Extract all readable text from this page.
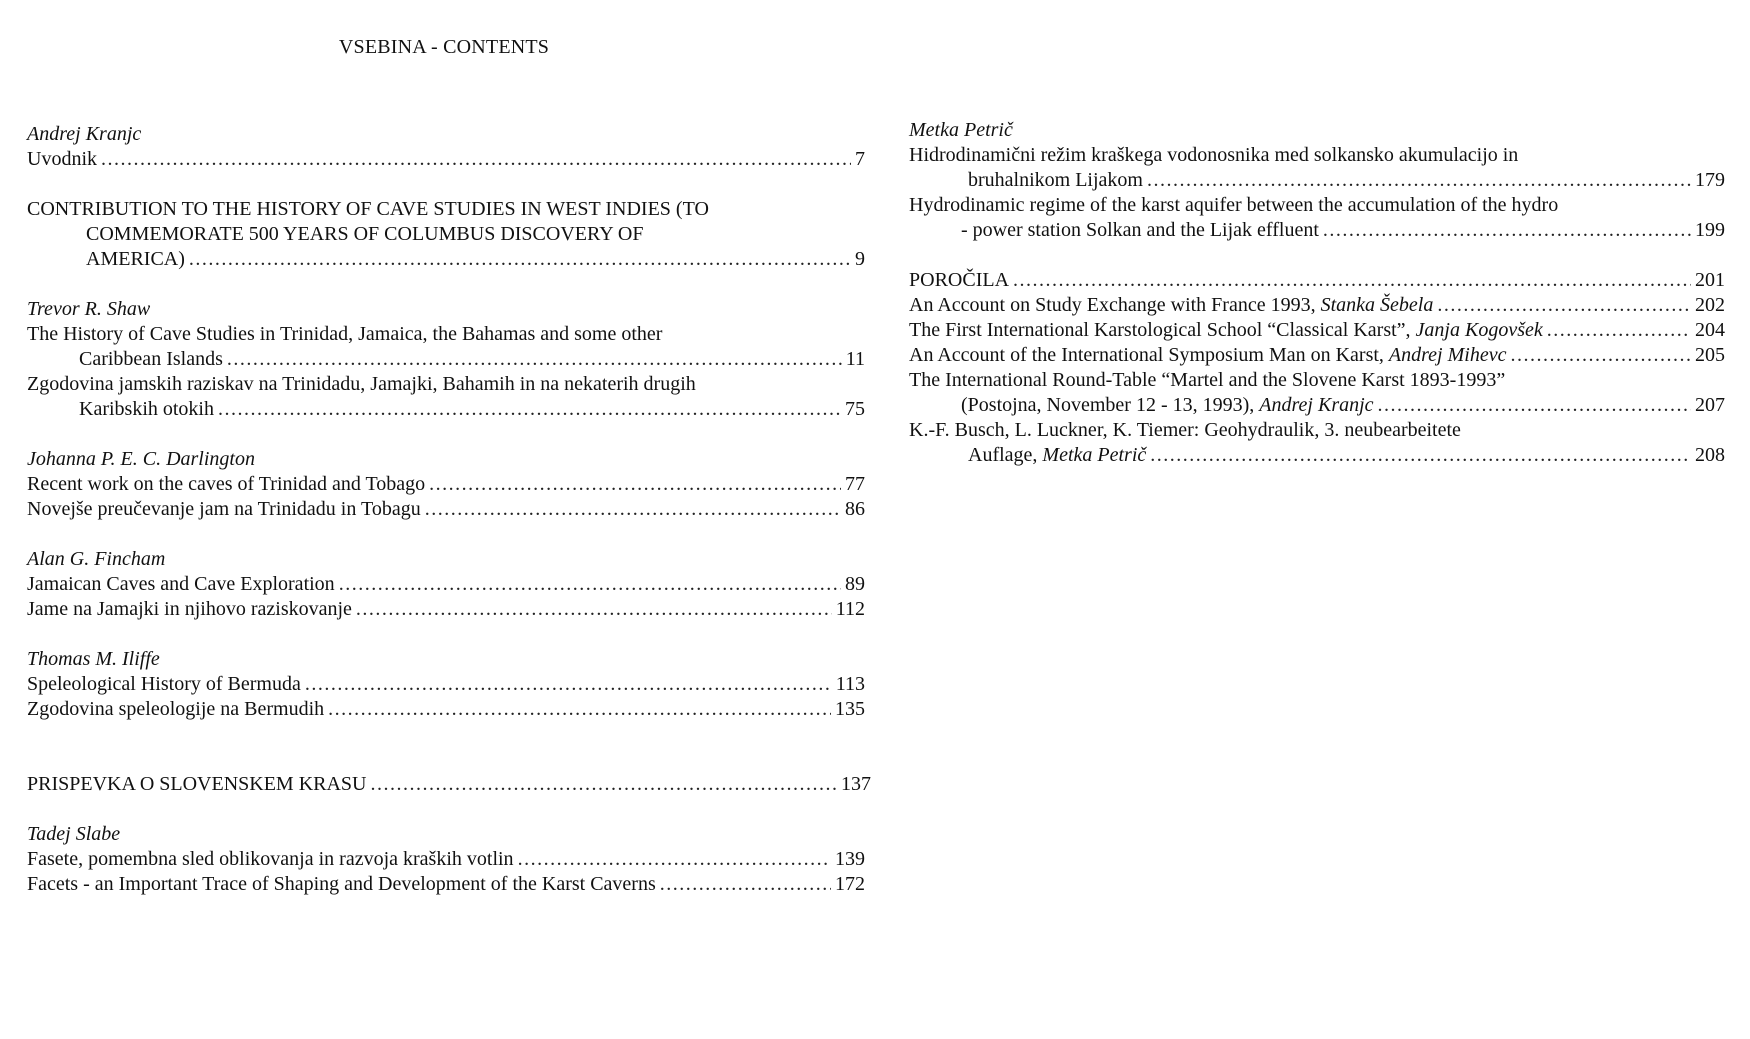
VSEBINA - CONTENTS
Andrej Kranjc
Uvodnik .....	7
CONTRIBUTION TO THE HISTORY OF CAVE STUDIES IN WEST INDIES (TO
COMMEMORATE 500 YEARS OF COLUMBUS DISCOVERY OF
AMERICA) .....	9
Trevor R. Shaw
The History of Cave Studies in Trinidad, Jamaica, the Bahamas and some other
Caribbean Islands .....	11
Zgodovina jamskih raziskav na Trinidadu, Jamajki, Bahamih in na nekaterih drugih
Karibskih otokih .....	75
Johanna P. E. C. Darlington
Recent work on the caves of Trinidad and Tobago .....	77
Novejše preučevanje jam na Trinidadu in Tobagu .....	86
Alan G. Fincham
Jamaican Caves and Cave Exploration .....	89
Jame na Jamajki in njihovo raziskovanje .....	112
Thomas M. Iliffe
Speleological History of Bermuda .....	113
Zgodovina speleologije na Bermudih .....	135
PRISPEVKA O SLOVENSKEM KRASU .....	137
Tadej Slabe
Fasete, pomembna sled oblikovanja in razvoja kraških votlin .....	139
Facets - an Important Trace of Shaping and Development of the Karst Caverns .....	172
Metka Petrič
Hidrodinamični režim kraškega vodonosnika med solkansko akumulacijo in
bruhalnikom Lijakom .....	179
Hydrodinamic regime of the karst aquifer between the accumulation of the hydro
- power station Solkan and the Lijak effluent .....	199
POROČILA .....	201
An Account on Study Exchange with France 1993, Stanka Šebela .....	202
The First International Karstological School “Classical Karst”, Janja Kogovšek .....	204
An Account of the International Symposium Man on Karst, Andrej Mihevc .....	205
The International Round-Table “Martel and the Slovene Karst 1893-1993”
(Postojna, November 12 - 13, 1993), Andrej Kranjc .....	207
K.-F. Busch, L. Luckner, K. Tiemer: Geohydraulik, 3. neubearbeitete
Auflage, Metka Petrič .....	208
